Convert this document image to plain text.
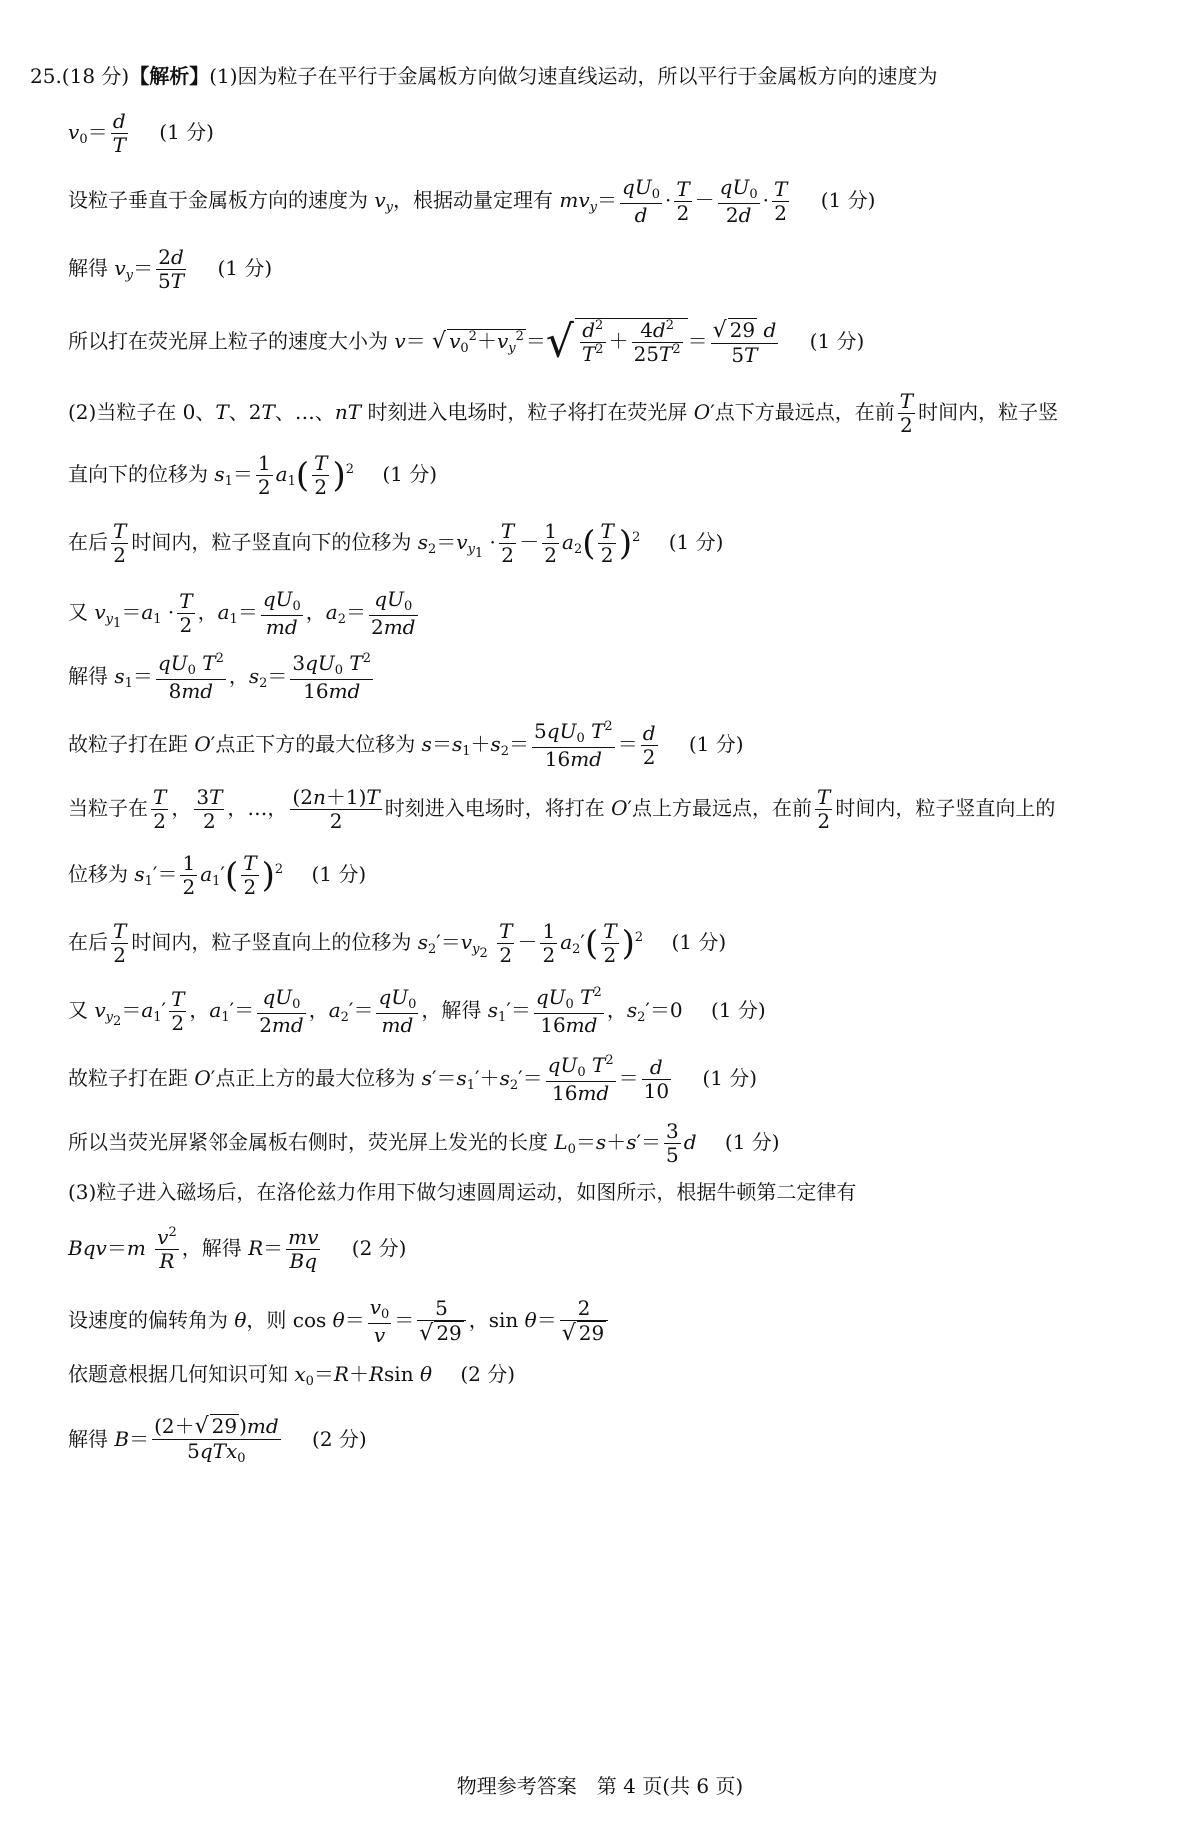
25.(18 分)【解析】(1)因为粒子在平行于金属板方向做匀速直线运动，所以平行于金属板方向的速度为
$v_0= \frac{d}{T} (1$ 分)
设粒子垂直于金属板方向的速度为 $v_y$，根据动量定理有 $mv_y= \frac{qU_0}{d} \cdot \frac{T}{2} - \frac{qU_0}{2d} \cdot \frac{T}{2} (1$ 分)
解得 $v_y= \frac{2d}{5T} (1$ 分)
所以打在荧光屏上粒子的速度大小为 v＝ √ $v_0^2+v_y^2$ ＝√ $\frac{d^2}{T^2} + \frac{4d^2}{25T^2} = \frac{√ 29 d}{5T} (1$ 分)
(2)当粒子在 0、T、2T、…、nT 时刻进入电场时，粒子将打在荧光屏 O′点下方最远点，在前 $\frac{T}{2}$ 时间内，粒子竖
直向下的位移为 $s_1= \frac{1}{2} a_1( \frac{T}{2} )^2$ (1 分)
在后 $\frac{T}{2}$ 时间内，粒子竖直向下的位移为 $s_2=v_{y_1} \cdot \frac{T}{2} - \frac{1}{2} a_2( \frac{T}{2} )^2$ (1 分)
又 $v_{y_1}=a_1 \cdot \frac{T}{2}$ ，$a_1= \frac{qU_0}{md}$ ，$a_2= \frac{qU_0}{2md}$
解得 $s_1= \frac{qU_0 T^2}{8md}$ ，$s_2= \frac{3qU_0 T^2}{16md}$
故粒子打在距 O′点正下方的最大位移为 $s=s_1+s_2= \frac{5qU_0 T^2}{16md} = \frac{d}{2} (1$ 分)
当粒子在 $\frac{T}{2}$ ， $\frac{3T}{2}$ ，…， $\frac{(2n+1)T}{2}$ 时刻进入电场时，将打在 O′点上方最远点，在前 $\frac{T}{2}$ 时间内，粒子竖直向上的
位移为 $s_1'= \frac{1}{2} a_1'( \frac{T}{2} )^2$ (1 分)
在后 $\frac{T}{2}$ 时间内，粒子竖直向上的位移为 $s_2'=v_{y_2} \frac{T}{2} - \frac{1}{2} a_2'( \frac{T}{2} )^2$ (1 分)
又 $v_{y_2}=a_1' \frac{T}{2}$ ，$a_1'= \frac{qU_0}{2md}$ ，$a_2'= \frac{qU_0}{md}$ ，解得 $s_1'= \frac{qU_0 T^2}{16md}$ ，$s_2'=0$ (1 分)
故粒子打在距 O′点正上方的最大位移为 $s'=s_1'+s_2'= \frac{qU_0 T^2}{16md} = \frac{d}{10} (1$ 分)
所以当荧光屏紧邻金属板右侧时，荧光屏上发光的长度 $L_0=s+s'= \frac{3}{5}$ d (1 分)
(3)粒子进入磁场后，在洛伦兹力作用下做匀速圆周运动，如图所示，根据牛顿第二定律有
$Bqv=m \frac{v^2}{R}$ ，解得 $R= \frac{mv}{Bq} (2$ 分)
设速度的偏转角为 θ，则 $\cos \theta= \frac{v_0}{v} = \frac{5}{√ 29}$ ，$\sin \theta= \frac{2}{√ 29}$
依题意根据几何知识可知 $x_0=R+Rsin$ θ (2 分)
解得 $B= \frac{(2+√ 29 )md}{5qTx_0} (2$ 分)
物理参考答案　第 4 页(共 6 页)
